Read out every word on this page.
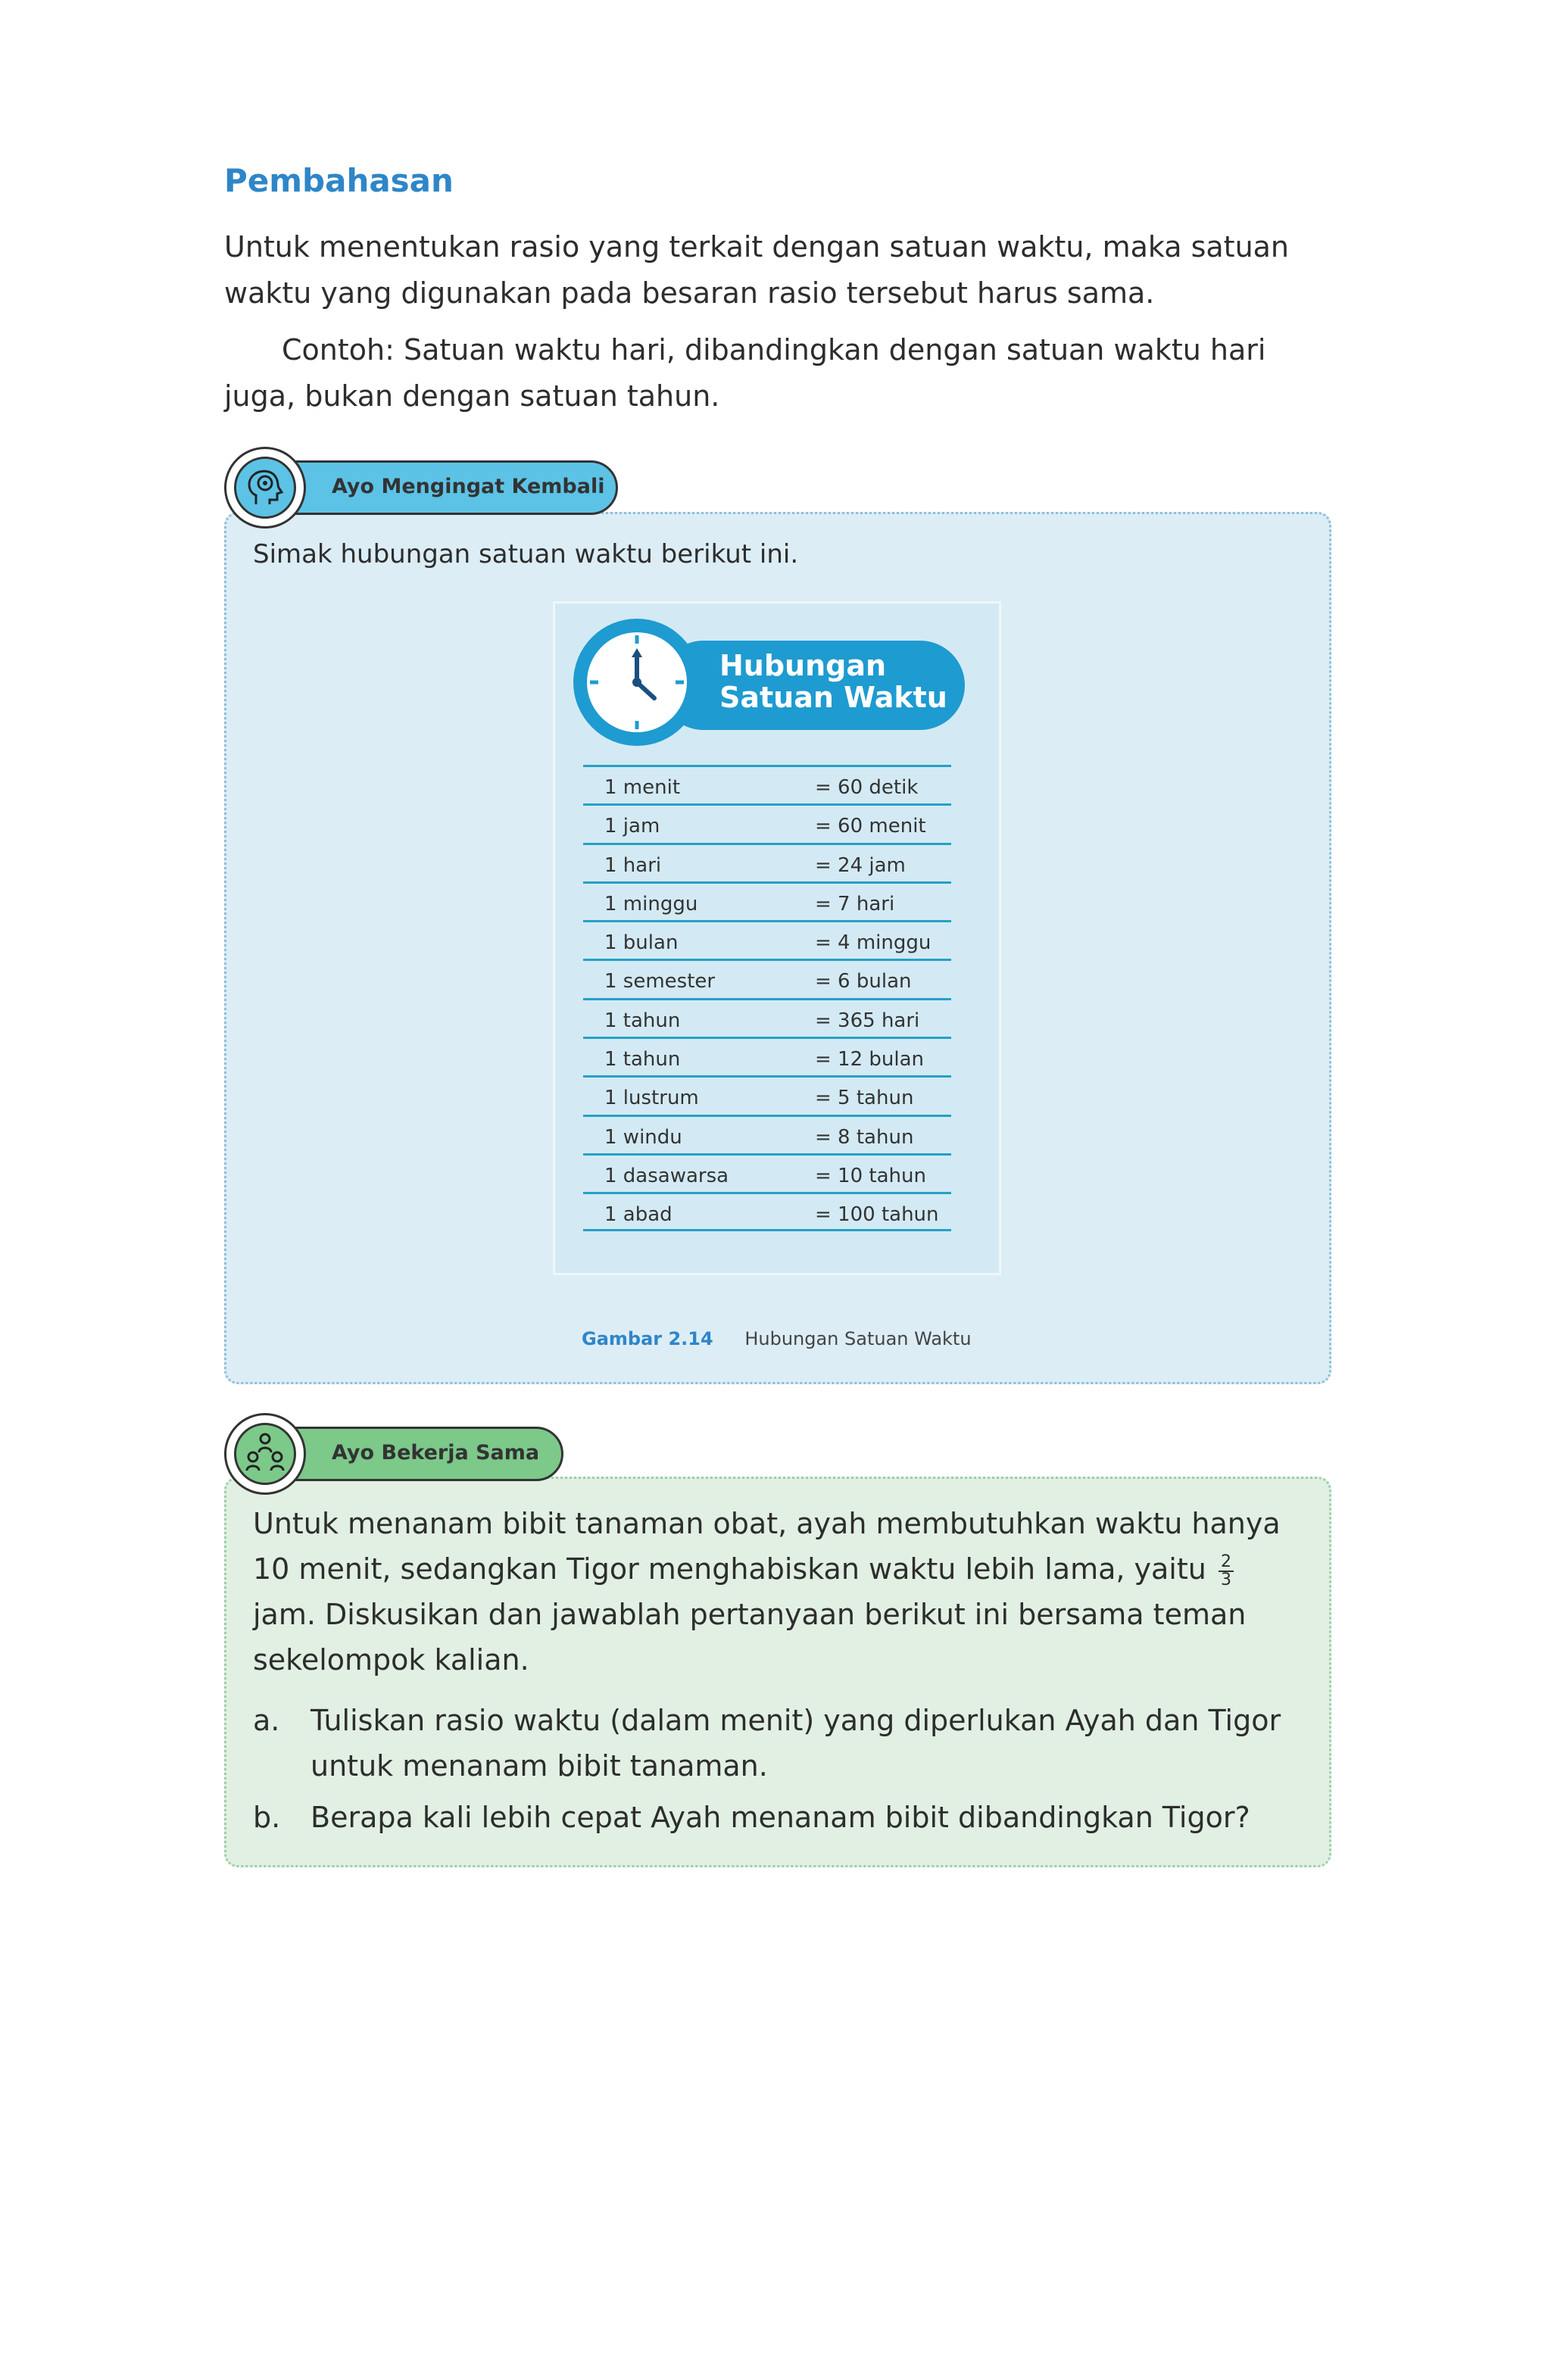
Pembahasan

Untuk menentukan rasio yang terkait dengan satuan waktu, maka satuan waktu yang digunakan pada besaran rasio tersebut harus sama.

Contoh: Satuan waktu hari, dibandingkan dengan satuan waktu hari juga, bukan dengan satuan tahun.

Ayo Mengingat Kembali

Simak hubungan satuan waktu berikut ini.

Hubungan
Satuan Waktu
1 menit	= 60 detik
1 jam	= 60 menit
1 hari	= 24 jam
1 minggu	= 7 hari
1 bulan	= 4 minggu
1 semester	= 6 bulan
1 tahun	= 365 hari
1 tahun	= 12 bulan
1 lustrum	= 5 tahun
1 windu	= 8 tahun
1 dasawarsa	= 10 tahun
1 abad	= 100 tahun
Gambar 2.14 Hubungan Satuan Waktu
Ayo Bekerja Sama

Untuk menanam bibit tanaman obat, ayah membutuhkan waktu hanya 10 menit, sedangkan Tigor menghabiskan waktu lebih lama, yaitu $\frac{2}{3}$
jam. Diskusikan dan jawablah pertanyaan berikut ini bersama teman sekelompok kalian.

a. Tuliskan rasio waktu (dalam menit) yang diperlukan Ayah dan Tigor untuk menanam bibit tanaman.
b. Berapa kali lebih cepat Ayah menanam bibit dibandingkan Tigor?
